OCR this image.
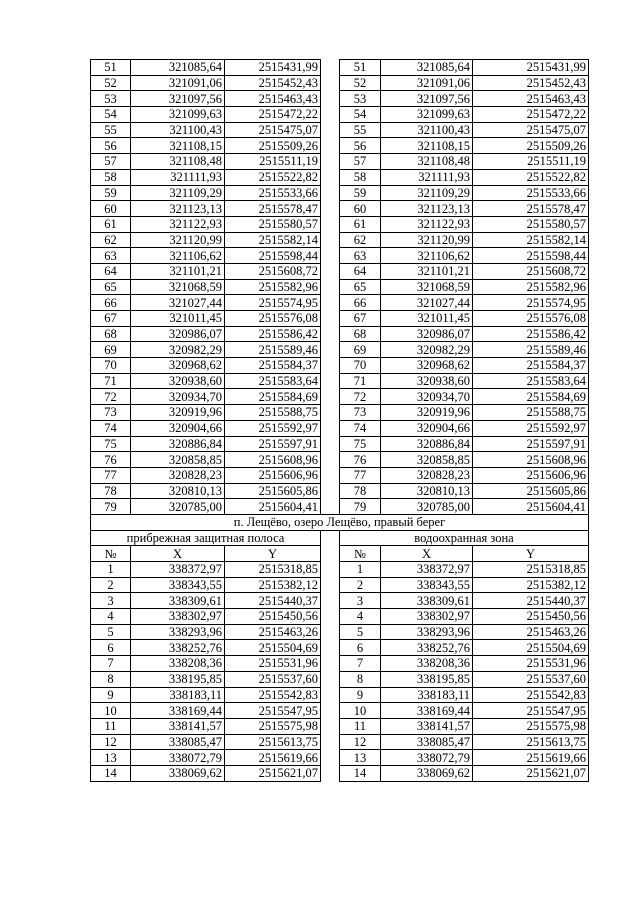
51	321085,64	2515431,99		51	321085,64	2515431,99
52	321091,06	2515452,43		52	321091,06	2515452,43
53	321097,56	2515463,43		53	321097,56	2515463,43
54	321099,63	2515472,22		54	321099,63	2515472,22
55	321100,43	2515475,07		55	321100,43	2515475,07
56	321108,15	2515509,26		56	321108,15	2515509,26
57	321108,48	2515511,19		57	321108,48	2515511,19
58	321111,93	2515522,82		58	321111,93	2515522,82
59	321109,29	2515533,66		59	321109,29	2515533,66
60	321123,13	2515578,47		60	321123,13	2515578,47
61	321122,93	2515580,57		61	321122,93	2515580,57
62	321120,99	2515582,14		62	321120,99	2515582,14
63	321106,62	2515598,44		63	321106,62	2515598,44
64	321101,21	2515608,72		64	321101,21	2515608,72
65	321068,59	2515582,96		65	321068,59	2515582,96
66	321027,44	2515574,95		66	321027,44	2515574,95
67	321011,45	2515576,08		67	321011,45	2515576,08
68	320986,07	2515586,42		68	320986,07	2515586,42
69	320982,29	2515589,46		69	320982,29	2515589,46
70	320968,62	2515584,37		70	320968,62	2515584,37
71	320938,60	2515583,64		71	320938,60	2515583,64
72	320934,70	2515584,69		72	320934,70	2515584,69
73	320919,96	2515588,75		73	320919,96	2515588,75
74	320904,66	2515592,97		74	320904,66	2515592,97
75	320886,84	2515597,91		75	320886,84	2515597,91
76	320858,85	2515608,96		76	320858,85	2515608,96
77	320828,23	2515606,96		77	320828,23	2515606,96
78	320810,13	2515605,86		78	320810,13	2515605,86
79	320785,00	2515604,41		79	320785,00	2515604,41
п. Лещёво, озеро Лещёво, правый берег						
прибрежная защитная полоса				водоохранная зона		
№	X	Y		№	X	Y
1	338372,97	2515318,85		1	338372,97	2515318,85
2	338343,55	2515382,12		2	338343,55	2515382,12
3	338309,61	2515440,37		3	338309,61	2515440,37
4	338302,97	2515450,56		4	338302,97	2515450,56
5	338293,96	2515463,26		5	338293,96	2515463,26
6	338252,76	2515504,69		6	338252,76	2515504,69
7	338208,36	2515531,96		7	338208,36	2515531,96
8	338195,85	2515537,60		8	338195,85	2515537,60
9	338183,11	2515542,83		9	338183,11	2515542,83
10	338169,44	2515547,95		10	338169,44	2515547,95
11	338141,57	2515575,98		11	338141,57	2515575,98
12	338085,47	2515613,75		12	338085,47	2515613,75
13	338072,79	2515619,66		13	338072,79	2515619,66
14	338069,62	2515621,07		14	338069,62	2515621,07
